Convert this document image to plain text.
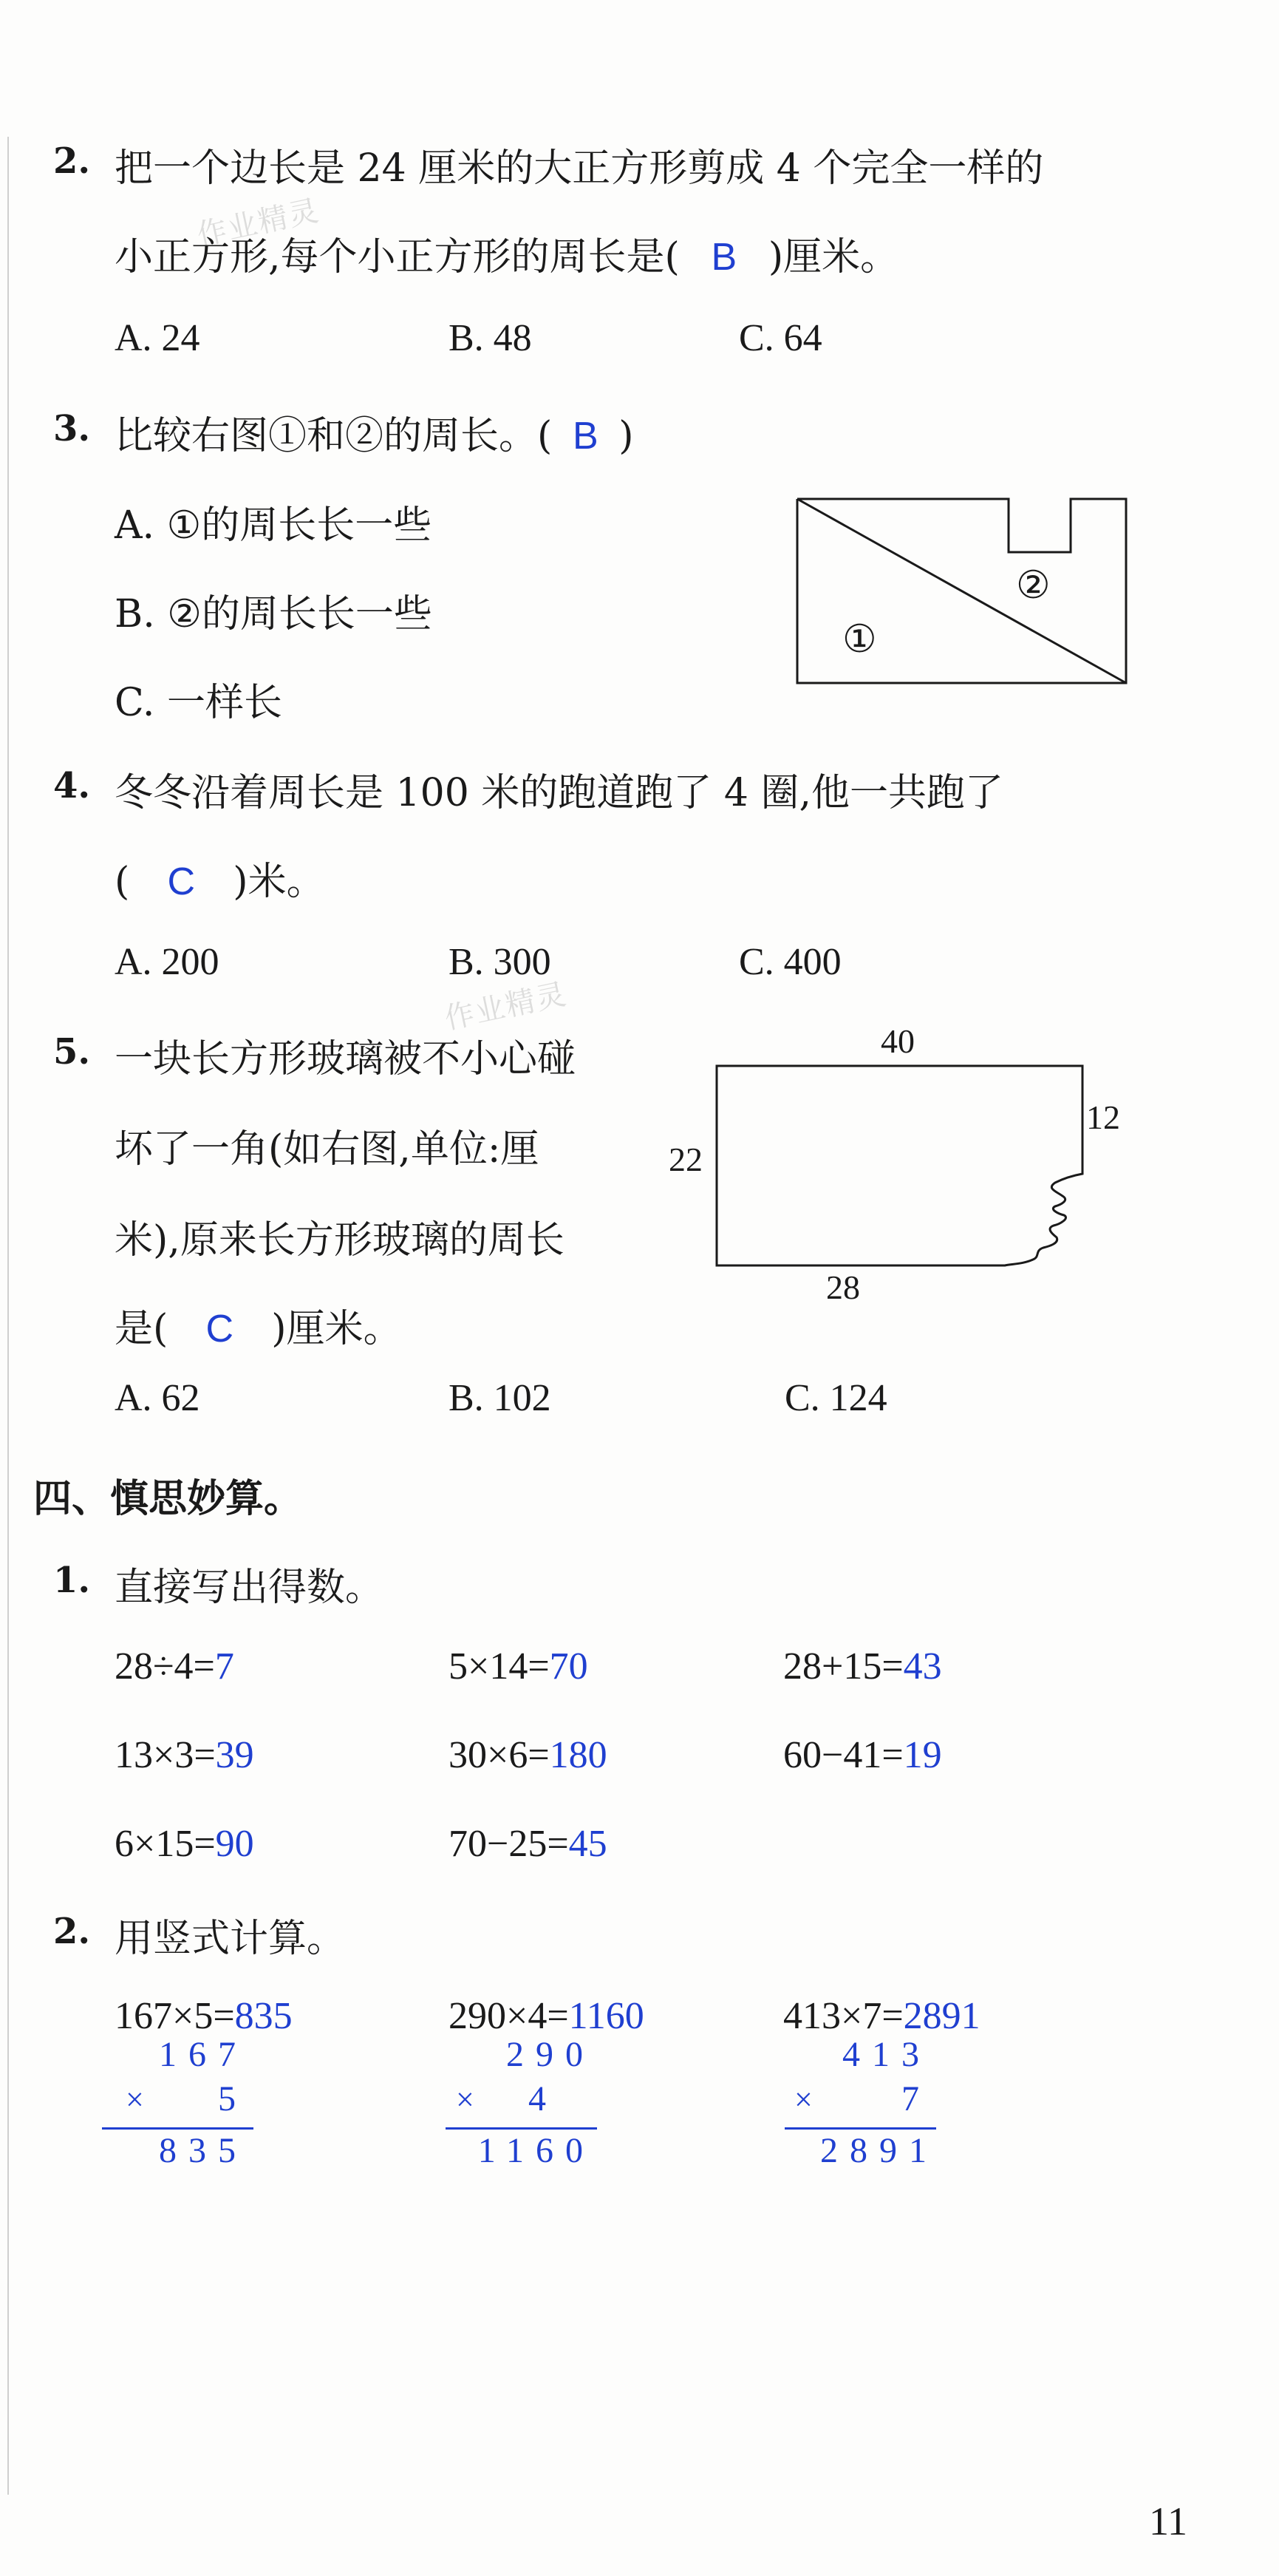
作业精灵
作业精灵
2. 把一个边长是 24 厘米的大正方形剪成 4 个完全一样的
小正方形,每个小正方形的周长是( B )厘米。
A. 24	B. 48	C. 64
3. 比较右图①和②的周长。( B )
A. ①的周长长一些
B. ②的周长长一些
C. 一样长
①
②
4. 冬冬沿着周长是 100 米的跑道跑了 4 圈,他一共跑了
( C )米。
A. 200	B. 300	C. 400
5. 一块长方形玻璃被不小心碰
坏了一角(如右图,单位:厘
米),原来长方形玻璃的周长
是( C )厘米。
40
12
22
28
A. 62	B. 102	C. 124
四、慎思妙算。
1. 直接写出得数。
28÷4=7	5×14=70	28+15=43
13×3=39	30×6=180	60−41=19
6×15=90	70−25=45
2. 用竖式计算。
167×5=835
167
×	5
835
290×4=1160
290
×	4
1160
413×7=2891
413
×	7
2891
11
